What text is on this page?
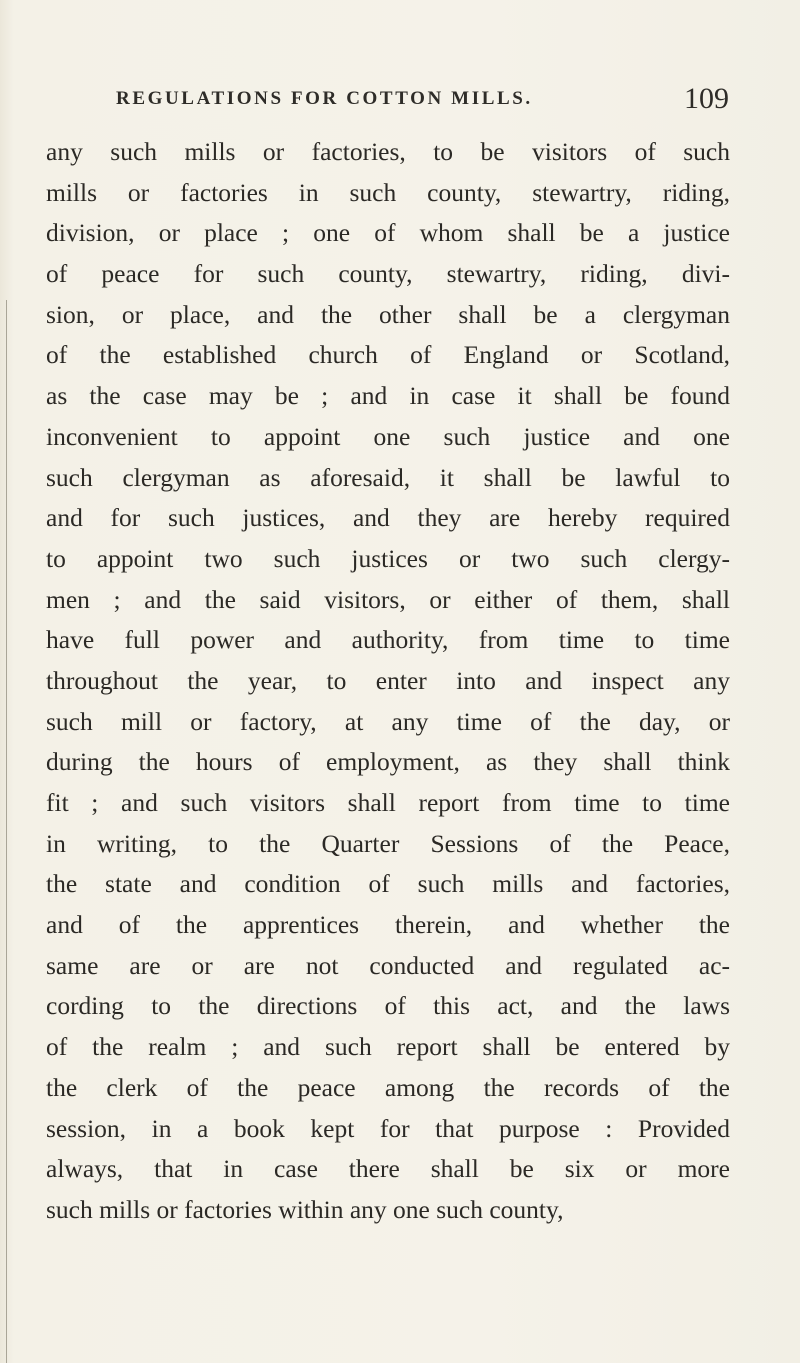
REGULATIONS FOR COTTON MILLS.	109
any such mills or factories, to be visitors of such
mills or factories in such county, stewartry, riding,
division, or place ; one of whom shall be a justice
of peace for such county, stewartry, riding, divi-
sion, or place, and the other shall be a clergyman
of the established church of England or Scotland,
as the case may be ; and in case it shall be found
inconvenient to appoint one such justice and one
such clergyman as aforesaid, it shall be lawful to
and for such justices, and they are hereby required
to appoint two such justices or two such clergy-
men ; and the said visitors, or either of them, shall
have full power and authority, from time to time
throughout the year, to enter into and inspect any
such mill or factory, at any time of the day, or
during the hours of employment, as they shall think
fit ; and such visitors shall report from time to time
in writing, to the Quarter Sessions of the Peace,
the state and condition of such mills and factories,
and of the apprentices therein, and whether the
same are or are not conducted and regulated ac-
cording to the directions of this act, and the laws
of the realm ; and such report shall be entered by
the clerk of the peace among the records of the
session, in a book kept for that purpose : Provided
always, that in case there shall be six or more
such mills or factories within any one such county,
